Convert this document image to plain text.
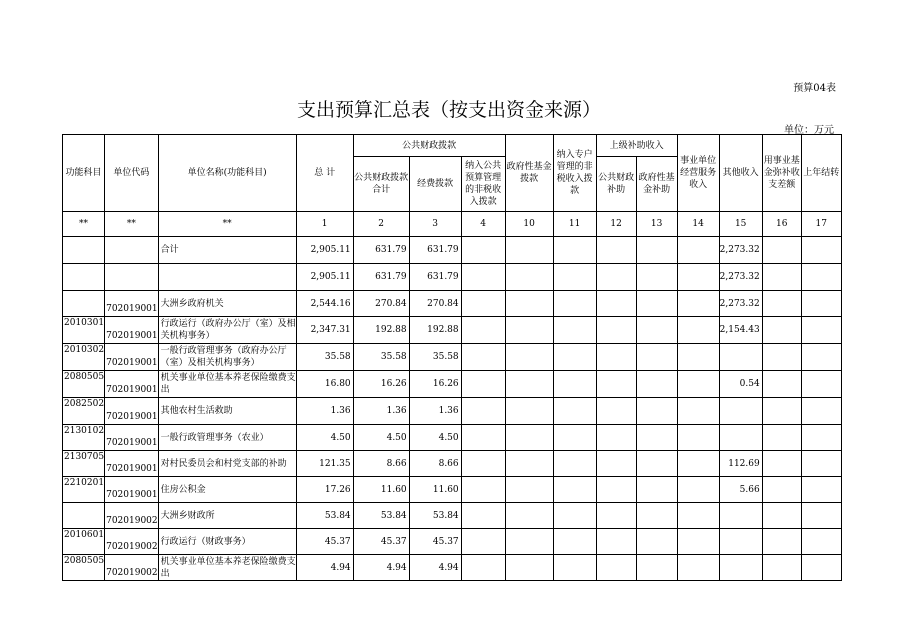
预算04表
支出预算汇总表（按支出资金来源）
单位：万元
功能科目	单位代码	单位名称(功能科目)	总 计	公共财政拨款			政府性基金拨款	纳入专户管理的非税收入拨款	上级补助收入		事业单位经营服务收入	其他收入	用事业基金弥补收支差额	上年结转
				公共财政拨款合计	经费拨款	纳入公共预算管理的非税收入拨款			公共财政补助	政府性基金补助				
**	**	**	1	2	3	4	10	11	12	13	14	15	16	17
		合计	2,905.11	631.79	631.79							2,273.32		
			2,905.11	631.79	631.79							2,273.32		
	702019001	大洲乡政府机关	2,544.16	270.84	270.84							2,273.32		
2010301	702019001	行政运行（政府办公厅（室）及相关机构事务）	2,347.31	192.88	192.88							2,154.43		
2010302	702019001	一般行政管理事务（政府办公厅（室）及相关机构事务）	35.58	35.58	35.58									
2080505	702019001	机关事业单位基本养老保险缴费支出	16.80	16.26	16.26							0.54		
2082502	702019001	其他农村生活救助	1.36	1.36	1.36									
2130102	702019001	一般行政管理事务（农业）	4.50	4.50	4.50									
2130705	702019001	对村民委员会和村党支部的补助	121.35	8.66	8.66							112.69		
2210201	702019001	住房公积金	17.26	11.60	11.60							5.66		
	702019002	大洲乡财政所	53.84	53.84	53.84									
2010601	702019002	行政运行（财政事务）	45.37	45.37	45.37									
2080505	702019002	机关事业单位基本养老保险缴费支出	4.94	4.94	4.94									
